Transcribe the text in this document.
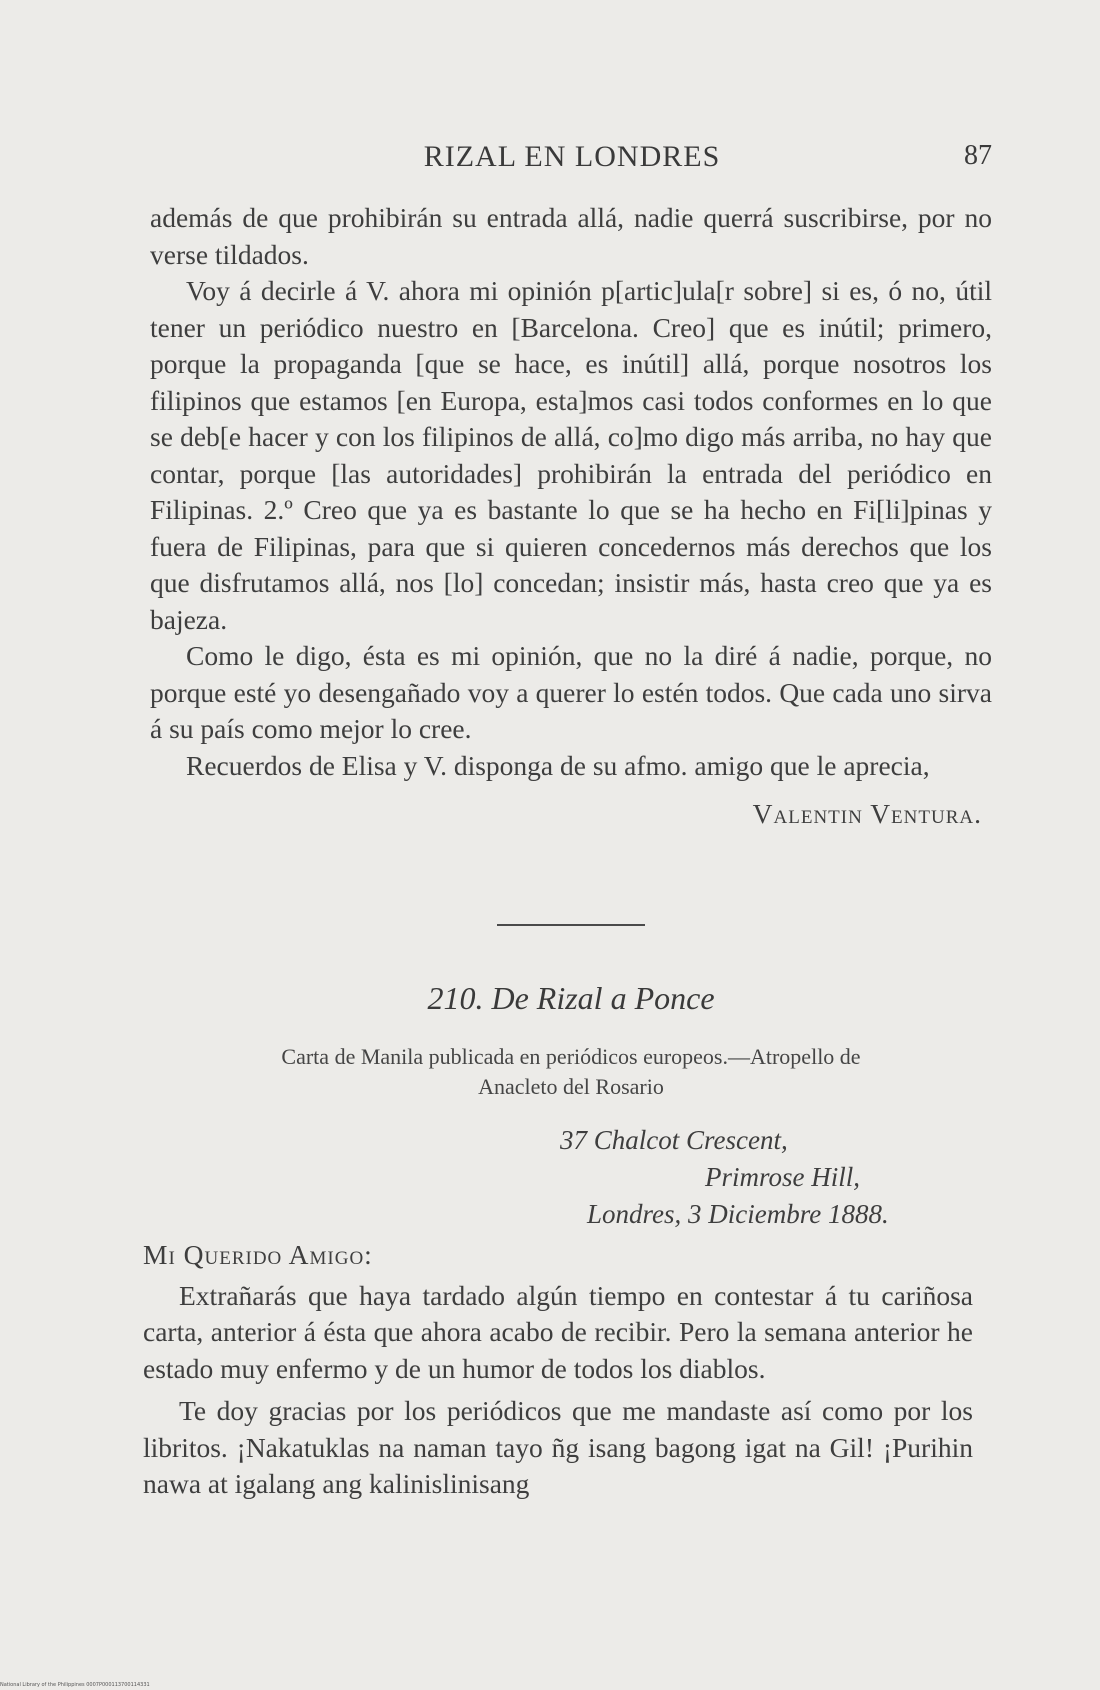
RIZAL EN LONDRES	87

además de que prohibirán su entrada allá, nadie querrá suscribirse, por no verse tildados.

Voy á decirle á V. ahora mi opinión p[artic]ula[r sobre] si es, ó no, útil tener un periódico nuestro en [Barcelona. Creo] que es inútil; primero, porque la propaganda [que se hace, es inútil] allá, porque nosotros los filipinos que estamos [en Europa, esta]mos casi todos conformes en lo que se deb[e hacer y con los filipinos de allá, co]mo digo más arriba, no hay que contar, porque [las autoridades] prohibirán la entrada del periódico en Filipinas. 2.º Creo que ya es bastante lo que se ha hecho en Fi[li]pinas y fuera de Filipinas, para que si quieren concedernos más derechos que los que disfrutamos allá, nos [lo] concedan; insistir más, hasta creo que ya es bajeza.

Como le digo, ésta es mi opinión, que no la diré á nadie, porque, no porque esté yo desengañado voy a querer lo estén todos. Que cada uno sirva á su país como mejor lo cree.

Recuerdos de Elisa y V. disponga de su afmo. amigo que le aprecia,

Valentin Ventura.

210. De Rizal a Ponce
Carta de Manila publicada en periódicos europeos.—Atropello de
Anacleto del Rosario
37 Chalcot Crescent,
Primrose Hill,
Londres, 3 Diciembre 1888.

Mi Querido Amigo:

Extrañarás que haya tardado algún tiempo en contestar á tu cariñosa carta, anterior á ésta que ahora acabo de recibir. Pero la semana anterior he estado muy enfermo y de un humor de todos los diablos.

Te doy gracias por los periódicos que me mandaste así como por los libritos. ¡Nakatuklas na naman tayo ñg isang bagong igat na Gil! ¡Purihin nawa at igalang ang kalinislinisang

National Library of the Philippines 0007P000113700114331
